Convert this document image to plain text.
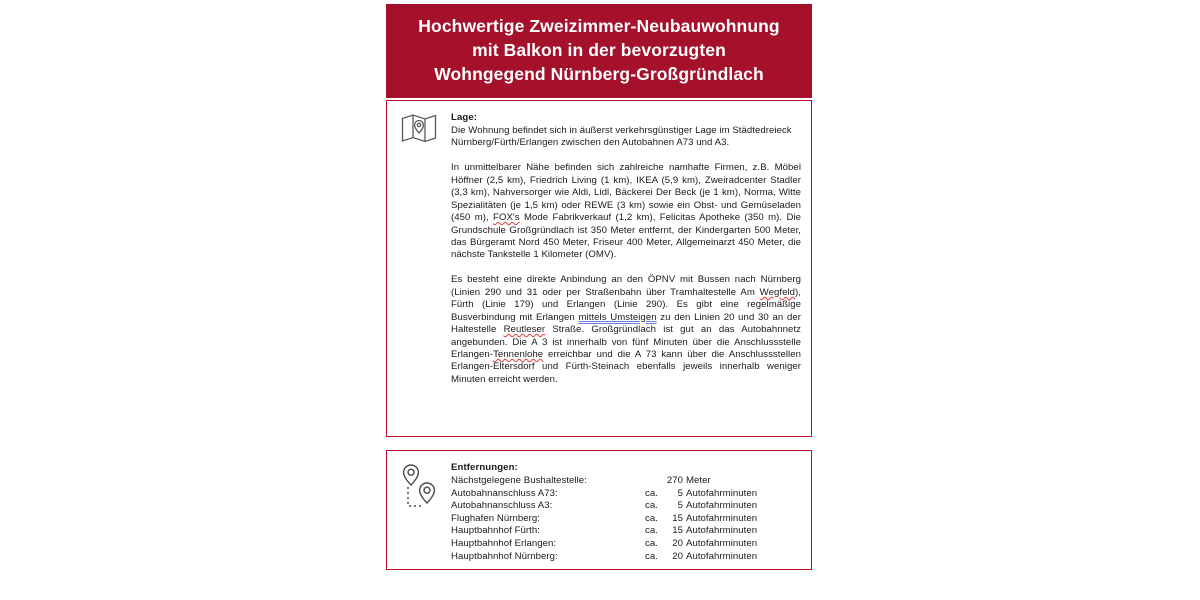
Hochwertige Zweizimmer-Neubauwohnung
mit Balkon in der bevorzugten
Wohngegend Nürnberg-Großgründlach
Lage:

Die Wohnung befindet sich in äußerst verkehrsgünstiger Lage im Städtedreieck Nürnberg/Fürth/Erlangen zwischen den Autobahnen A73 und A3.

In unmittelbarer Nähe befinden sich zahlreiche namhafte Firmen, z.B. Möbel Höffner (2,5 km), Friedrich Living (1 km), IKEA (5,9 km), Zweiradcenter Stadler (3,3 km), Nahversorger wie Aldi, Lidl, Bäckerei Der Beck (je 1 km), Norma, Witte Spezialitäten (je 1,5 km) oder REWE (3 km) sowie ein Obst- und Gemüseladen (450 m), FOX's Mode Fabrikverkauf (1,2 km), Felicitas Apotheke (350 m). Die Grundschule Großgründlach ist 350 Meter entfernt, der Kindergarten 500 Meter, das Bürgeramt Nord 450 Meter, Friseur 400 Meter, Allgemeinarzt 450 Meter, die nächste Tankstelle 1 Kilometer (OMV).

Es besteht eine direkte Anbindung an den ÖPNV mit Bussen nach Nürnberg (Linien 290 und 31 oder per Straßenbahn über Tramhaltestelle Am Wegfeld), Fürth (Linie 179) und Erlangen (Linie 290). Es gibt eine regelmäßige Busverbindung mit Erlangen mittels Umsteigen zu den Linien 20 und 30 an der Haltestelle Reutleser Straße. Großgründlach ist gut an das Autobahnnetz angebunden. Die A 3 ist innerhalb von fünf Minuten über die Anschlussstelle Erlangen-Tennenlohe erreichbar und die A 73 kann über die Anschlussstellen Erlangen-Eltersdorf und Fürth-Steinach ebenfalls jeweils innerhalb weniger Minuten erreicht werden.

Entfernungen:
Nächstgelegene Bushaltestelle:		270	Meter
Autobahnanschluss A73:	ca.	5	Autofahrminuten
Autobahnanschluss A3:	ca.	5	Autofahrminuten
Flughafen Nürnberg:	ca.	15	Autofahrminuten
Hauptbahnhof Fürth:	ca.	15	Autofahrminuten
Hauptbahnhof Erlangen:	ca.	20	Autofahrminuten
Hauptbahnhof Nürnberg:	ca.	20	Autofahrminuten
